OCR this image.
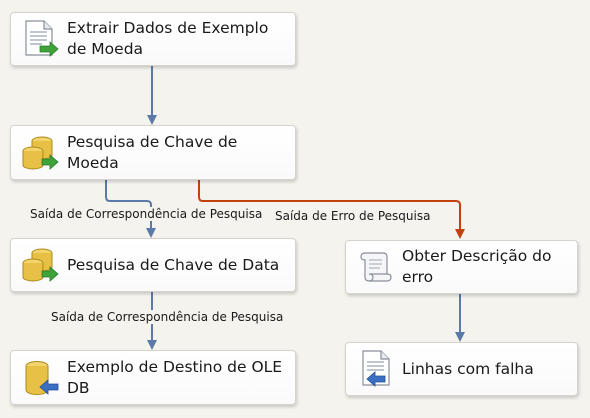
Extrair Dados de Exemplo
de Moeda
Pesquisa de Chave de Moeda
Pesquisa de Chave de Data
Exemplo de Destino de OLE DB
Obter Descrição do erro
Linhas com falha
Saída de Correspondência de Pesquisa Saída de Erro de Pesquisa
Saída de Correspondência de Pesquisa
